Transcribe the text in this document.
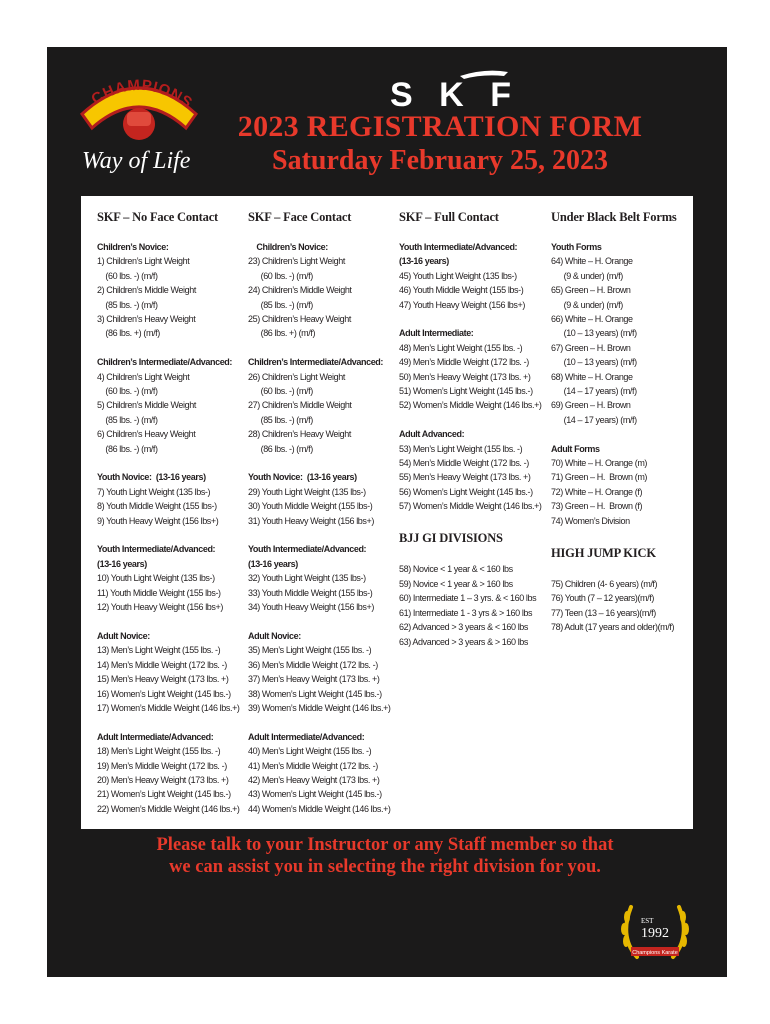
CHAMPIONS
Way of Life
SKF
2023 REGISTRATION FORM
Saturday February 25, 2023
SKF – No Face Contact
Children’s Novice:
1) Children’s Light Weight
(60 lbs. -) (m/f)
2) Children’s Middle Weight
(85 lbs. -) (m/f)
3) Children’s Heavy Weight
(86 lbs. +) (m/f)
Children’s Intermediate/Advanced:
4) Children’s Light Weight
(60 lbs. -) (m/f)
5) Children’s Middle Weight
(85 lbs. -) (m/f)
6) Children’s Heavy Weight
(86 lbs. -) (m/f)
Youth Novice:  (13-16 years)
7) Youth Light Weight (135 lbs-)
8) Youth Middle Weight (155 lbs-)
9) Youth Heavy Weight (156 lbs+)
Youth Intermediate/Advanced:
(13-16 years)
10) Youth Light Weight (135 lbs-)
11) Youth Middle Weight (155 lbs-)
12) Youth Heavy Weight (156 lbs+)
Adult Novice:
13) Men’s Light Weight (155 lbs. -)
14) Men’s Middle Weight (172 lbs. -)
15) Men’s Heavy Weight (173 lbs. +)
16) Women’s Light Weight (145 lbs.-)
17) Women’s Middle Weight (146 lbs.+)
Adult Intermediate/Advanced:
18) Men’s Light Weight (155 lbs. -)
19) Men’s Middle Weight (172 lbs. -)
20) Men’s Heavy Weight (173 lbs. +)
21) Women’s Light Weight (145 lbs.-)
22) Women’s Middle Weight (146 lbs.+)
SKF – Face Contact
Children’s Novice:
23) Children’s Light Weight
(60 lbs. -) (m/f)
24) Children’s Middle Weight
(85 lbs. -) (m/f)
25) Children’s Heavy Weight
(86 lbs. +) (m/f)
Children’s Intermediate/Advanced:
26) Children’s Light Weight
(60 lbs. -) (m/f)
27) Children’s Middle Weight
(85 lbs. -) (m/f)
28) Children’s Heavy Weight
(86 lbs. -) (m/f)
Youth Novice:  (13-16 years)
29) Youth Light Weight (135 lbs-)
30) Youth Middle Weight (155 lbs-)
31) Youth Heavy Weight (156 lbs+)
Youth Intermediate/Advanced:
(13-16 years)
32) Youth Light Weight (135 lbs-)
33) Youth Middle Weight (155 lbs-)
34) Youth Heavy Weight (156 lbs+)
Adult Novice:
35) Men’s Light Weight (155 lbs. -)
36) Men’s Middle Weight (172 lbs. -)
37) Men’s Heavy Weight (173 lbs. +)
38) Women’s Light Weight (145 lbs.-)
39) Women’s Middle Weight (146 lbs.+)
Adult Intermediate/Advanced:
40) Men’s Light Weight (155 lbs. -)
41) Men’s Middle Weight (172 lbs. -)
42) Men’s Heavy Weight (173 lbs. +)
43) Women’s Light Weight (145 lbs.-)
44) Women’s Middle Weight (146 lbs.+)
SKF – Full Contact
Youth Intermediate/Advanced:
(13-16 years)
45) Youth Light Weight (135 lbs-)
46) Youth Middle Weight (155 lbs-)
47) Youth Heavy Weight (156 lbs+)
Adult Intermediate:
48) Men’s Light Weight (155 lbs. -)
49) Men’s Middle Weight (172 lbs. -)
50) Men’s Heavy Weight (173 lbs. +)
51) Women’s Light Weight (145 lbs.-)
52) Women’s Middle Weight (146 lbs.+)
Adult Advanced:
53) Men’s Light Weight (155 lbs. -)
54) Men’s Middle Weight (172 lbs. -)
55) Men’s Heavy Weight (173 lbs. +)
56) Women’s Light Weight (145 lbs.-)
57) Women’s Middle Weight (146 lbs.+)
BJJ GI DIVISIONS
58) Novice < 1 year & < 160 lbs
59) Novice < 1 year & > 160 lbs
60) Intermediate 1 – 3 yrs. & < 160 lbs
61) Intermediate 1 - 3 yrs & > 160 lbs
62) Advanced > 3 years & < 160 lbs
63) Advanced > 3 years & > 160 lbs
Under Black Belt Forms
Youth Forms
64) White – H. Orange
(9 & under) (m/f)
65) Green – H. Brown
(9 & under) (m/f)
66) White – H. Orange
(10 – 13 years) (m/f)
67) Green – H. Brown
(10 – 13 years) (m/f)
68) White – H. Orange
(14 – 17 years) (m/f)
69) Green – H. Brown
(14 – 17 years) (m/f)
Adult Forms
70) White – H. Orange (m)
71) Green – H.  Brown (m)
72) White – H. Orange (f)
73) Green – H.  Brown (f)
74) Women’s Division
HIGH JUMP KICK
75) Children (4- 6 years) (m/f)
76) Youth (7 – 12 years)(m/f)
77) Teen (13 – 16 years)(m/f)
78) Adult (17 years and older)(m/f)
Please talk to your Instructor or any Staff member so that
we can assist you in selecting the right division for you.
EST
1992
Champions Karate
